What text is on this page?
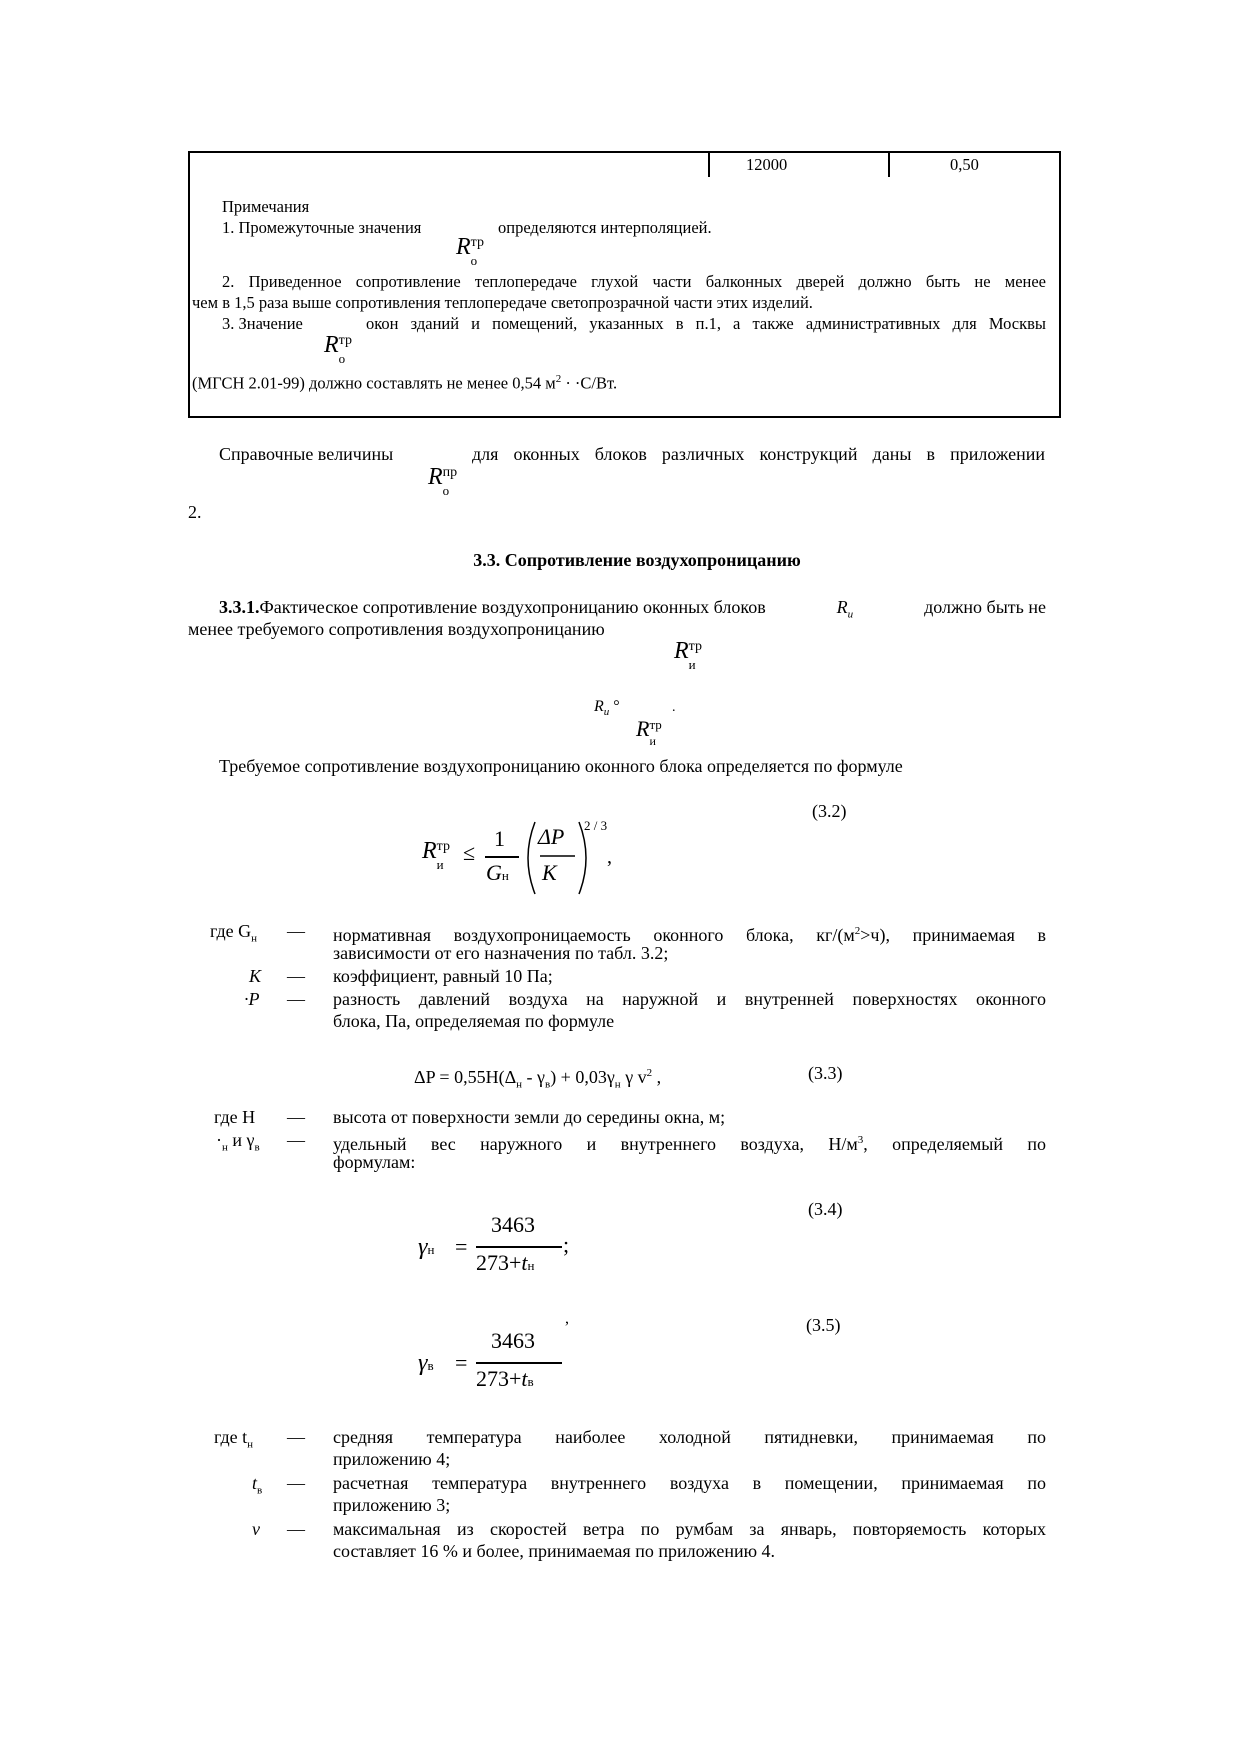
12000	0,50
Примечания
1. Промежуточные значения	определяются интерполяцией.
R тр
о
2. Приведенное сопротивление теплопередаче глухой части балконных дверей должно быть не менее
чем в 1,5 раза выше сопротивления теплопередаче светопрозрачной части этих изделий.
3. Значение	окон зданий и помещений, указанных в п.1, а также административных для Москвы
R тр
о
(МГСН 2.01-99) должно составлять не менее 0,54 $м^2 \cdot \cdot С/Вт$.
Справочные величины	для оконных блоков различных конструкций даны в приложении
R пр
о
2.
3.3. Сопротивление воздухопроницанию
3.3.1.Фактическое сопротивление воздухопроницанию оконных блоков	$R_и$	должно быть не
менее требуемого сопротивления воздухопроницанию
R тр
и
$R_и$ °	.
R тр
и
Требуемое сопротивление воздухопроницанию оконного блока определяется по формуле
(3.2)
R тр
и ≤
1
Gн
ΔP
K
2 / 3
,
где $G_н$ — нормативная воздухопроницаемость оконного блока, $кг/(м^2>ч)$, принимаемая в
зависимости от его назначения по табл. 3.2;
K — коэффициент, равный 10 Па;
·P — разность давлений воздуха на наружной и внутренней поверхностях оконного
блока, Па, определяемая по формуле
$\Delta P = 0,55H(\Delta_н - \gamma_в) + 0,03\gamma_н$ γ $v^2$ ,	(3.3)
где H — высота от поверхности земли до середины окна, м;
$\cdot_н$ и $\gamma_в$ — удельный вес наружного и внутреннего воздуха, $Н/м^3$, определяемый по
формулам:
(3.4)
γн =
3463
273+tн
;
,	(3.5)
γв =
3463
273+tв
где $t_н$ — средняя температура наиболее холодной пятидневки, принимаемая по
приложению 4;
$t_в$ — расчетная температура внутреннего воздуха в помещении, принимаемая по
приложению 3;
v — максимальная из скоростей ветра по румбам за январь, повторяемость которых
составляет 16 % и более, принимаемая по приложению 4.
